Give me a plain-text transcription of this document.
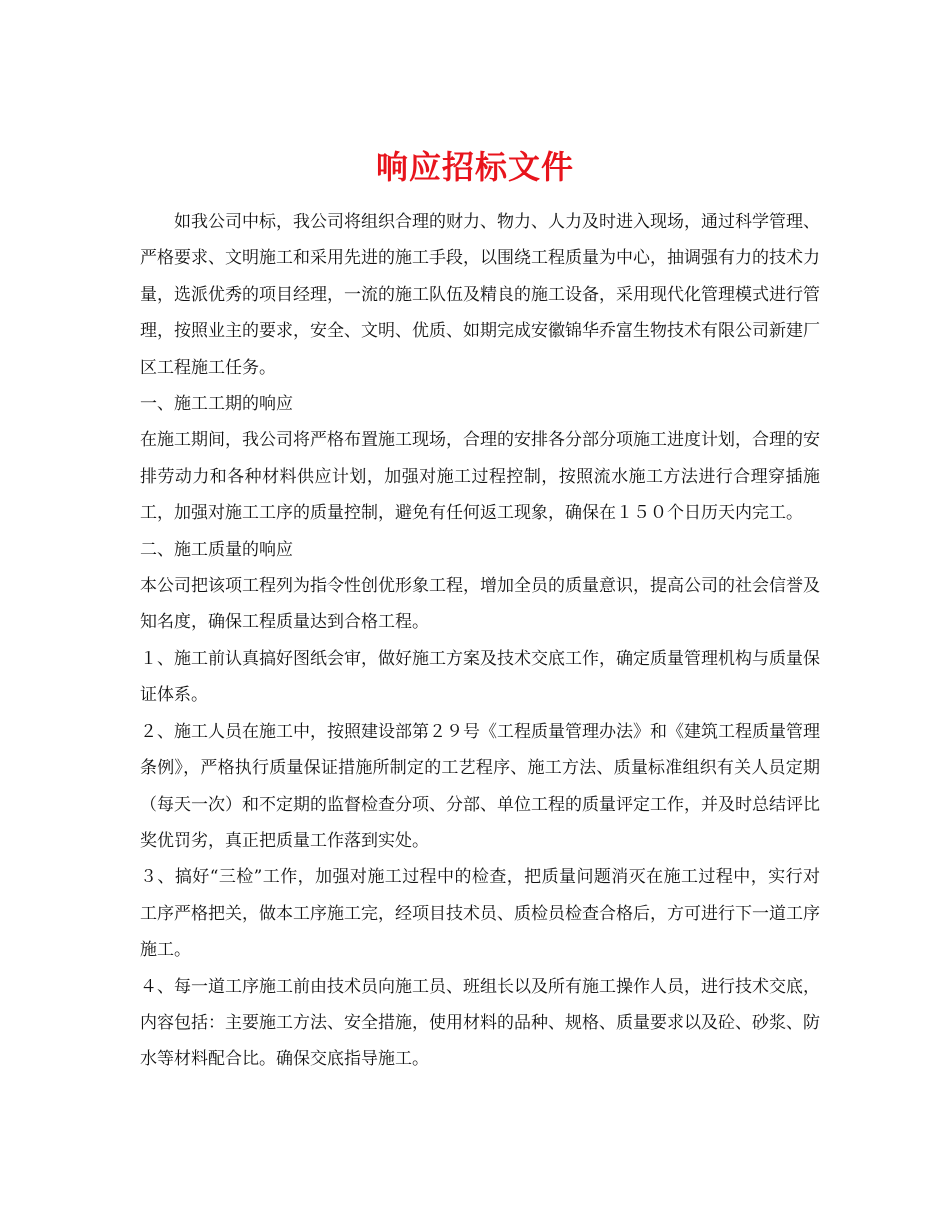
响应招标文件

如我公司中标，我公司将组织合理的财力、物力、人力及时进入现场，通过科学管理、严格要求、文明施工和采用先进的施工手段，以围绕工程质量为中心，抽调强有力的技术力量，选派优秀的项目经理，一流的施工队伍及精良的施工设备，采用现代化管理模式进行管理，按照业主的要求，安全、文明、优质、如期完成安徽锦华乔富生物技术有限公司新建厂区工程施工任务。

一、施工工期的响应

在施工期间，我公司将严格布置施工现场，合理的安排各分部分项施工进度计划，合理的安排劳动力和各种材料供应计划，加强对施工过程控制，按照流水施工方法进行合理穿插施工，加强对施工工序的质量控制，避免有任何返工现象，确保在１５０个日历天内完工。

二、施工质量的响应

本公司把该项工程列为指令性创优形象工程，增加全员的质量意识，提高公司的社会信誉及知名度，确保工程质量达到合格工程。

１、施工前认真搞好图纸会审，做好施工方案及技术交底工作，确定质量管理机构与质量保证体系。

２、施工人员在施工中，按照建设部第２９号《工程质量管理办法》和《建筑工程质量管理条例》，严格执行质量保证措施所制定的工艺程序、施工方法、质量标准组织有关人员定期（每天一次）和不定期的监督检查分项、分部、单位工程的质量评定工作，并及时总结评比奖优罚劣，真正把质量工作落到实处。

３、搞好“三检”工作，加强对施工过程中的检查，把质量问题消灭在施工过程中，实行对工序严格把关，做本工序施工完，经项目技术员、质检员检查合格后，方可进行下一道工序施工。

４、每一道工序施工前由技术员向施工员、班组长以及所有施工操作人员，进行技术交底，内容包括：主要施工方法、安全措施，使用材料的品种、规格、质量要求以及砼、砂浆、防水等材料配合比。确保交底指导施工。
